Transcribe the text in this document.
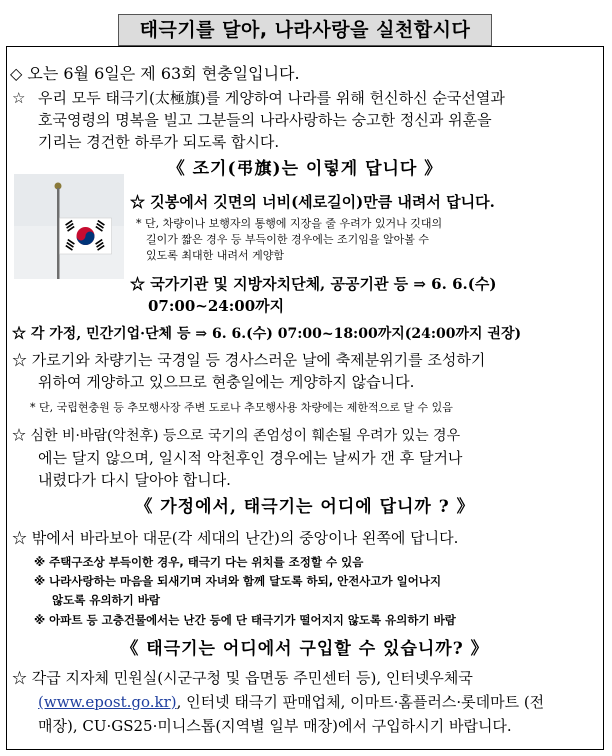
태극기를 달아, 나라사랑을 실천합시다
◇ 오는 6월 6일은 제 63회 현충일입니다.
☆ 우리 모두 태극기(太極旗)를 게양하여 나라를 위해 헌신하신 순국선열과
호국영령의 명복을 빌고 그분들의 나라사랑하는 숭고한 정신과 위훈을
기리는 경건한 하루가 되도록 합시다.
《 조기(弔旗)는 이렇게 답니다 》
☆ 깃봉에서 깃면의 너비(세로길이)만큼 내려서 답니다.
* 단, 차량이나 보행자의 통행에 지장을 줄 우려가 있거나 깃대의
길이가 짧은 경우 등 부득이한 경우에는 조기임을 알아볼 수
있도록 최대한 내려서 게양함
☆ 국가기관 및 지방자치단체, 공공기관 등 ⇒ 6. 6.(수)
07:00~24:00까지
☆ 각 가정, 민간기업·단체 등 ⇒ 6. 6.(수) 07:00~18:00까지(24:00까지 권장)
☆ 가로기와 차량기는 국경일 등 경사스러운 날에 축제분위기를 조성하기
위하여 게양하고 있으므로 현충일에는 게양하지 않습니다.
* 단, 국립현충원 등 추모행사장 주변 도로나 추모행사용 차량에는 제한적으로 달 수 있음
☆ 심한 비·바람(악천후) 등으로 국기의 존엄성이 훼손될 우려가 있는 경우
에는 달지 않으며, 일시적 악천후인 경우에는 날씨가 갠 후 달거나
내렸다가 다시 달아야 합니다.
《 가정에서, 태극기는 어디에 답니까 ? 》
☆ 밖에서 바라보아 대문(각 세대의 난간)의 중앙이나 왼쪽에 답니다.
※ 주택구조상 부득이한 경우, 태극기 다는 위치를 조정할 수 있음
※ 나라사랑하는 마음을 되새기며 자녀와 함께 달도록 하되, 안전사고가 일어나지
않도록 유의하기 바람
※ 아파트 등 고층건물에서는 난간 등에 단 태극기가 떨어지지 않도록 유의하기 바람
《 태극기는 어디에서 구입할 수 있습니까? 》
☆ 각급 지자체 민원실(시군구청 및 읍면동 주민센터 등), 인터넷우체국
(www.epost.go.kr), 인터넷 태극기 판매업체, 이마트·홈플러스·롯데마트 (전
매장), CU·GS25·미니스톱(지역별 일부 매장)에서 구입하시기 바랍니다.
